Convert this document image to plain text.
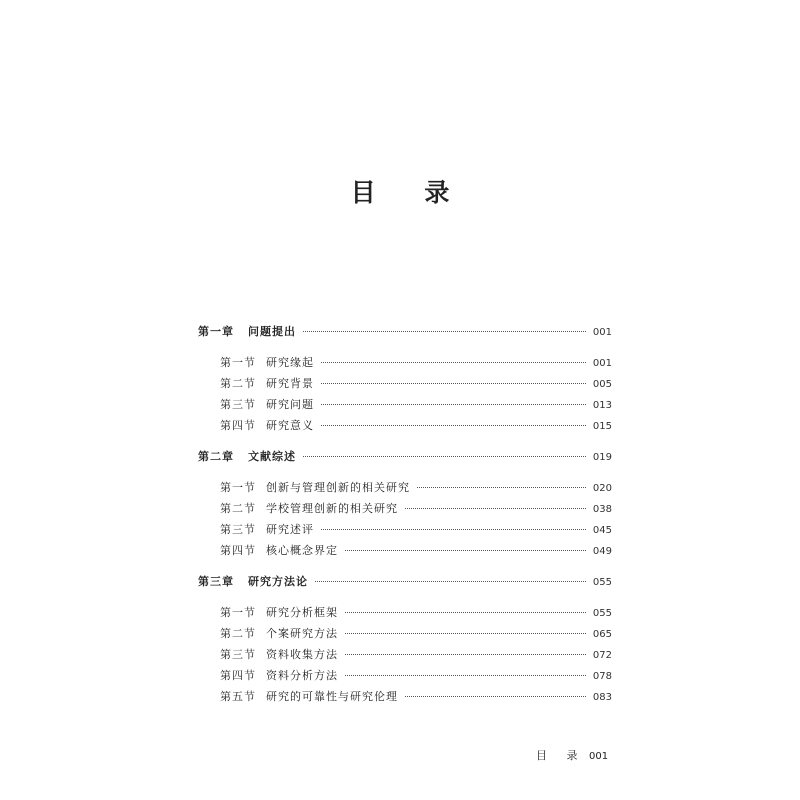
目 录
第一章 问题提出	001
第一节 研究缘起	001
第二节 研究背景	005
第三节 研究问题	013
第四节 研究意义	015
第二章 文献综述	019
第一节 创新与管理创新的相关研究	020
第二节 学校管理创新的相关研究	038
第三节 研究述评	045
第四节 核心概念界定	049
第三章 研究方法论	055
第一节 研究分析框架	055
第二节 个案研究方法	065
第三节 资料收集方法	072
第四节 资料分析方法	078
第五节 研究的可靠性与研究伦理	083
目 录 001
